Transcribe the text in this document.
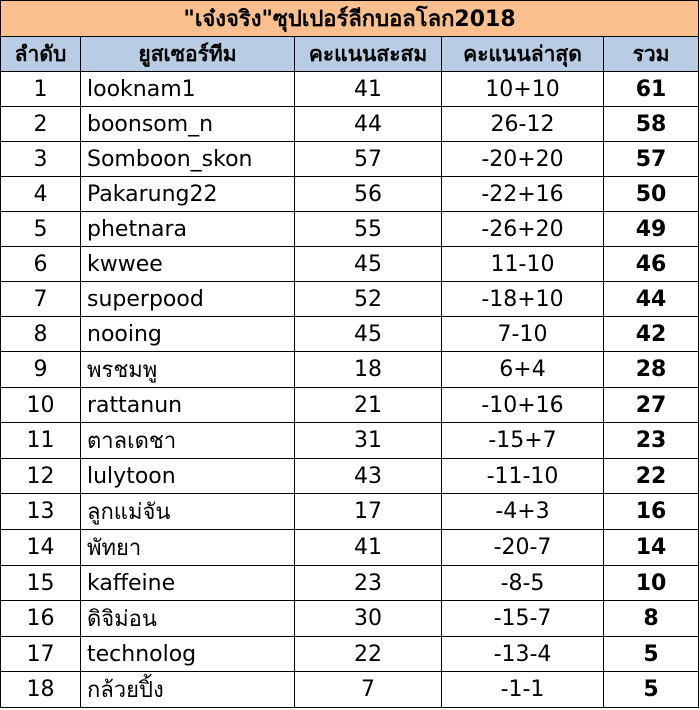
"เจ๋งจริง"ซุปเปอร์ลีกบอลโลก2018				
ลำดับ	ยูสเซอร์ทีม	คะแนนสะสม	คะแนนล่าสุด	รวม
1	looknam1	41	10+10	61
2	boonsom_n	44	26-12	58
3	Somboon_skon	57	-20+20	57
4	Pakarung22	56	-22+16	50
5	phetnara	55	-26+20	49
6	kwwee	45	11-10	46
7	superpood	52	-18+10	44
8	nooing	45	7-10	42
9	พรชมพู	18	6+4	28
10	rattanun	21	-10+16	27
11	ตาลเดชา	31	-15+7	23
12	lulytoon	43	-11-10	22
13	ลูกแม่จัน	17	-4+3	16
14	พัทยา	41	-20-7	14
15	kaffeine	23	-8-5	10
16	ดิจิม่อน	30	-15-7	8
17	technolog	22	-13-4	5
18	กล้วยปิ้ง	7	-1-1	5
